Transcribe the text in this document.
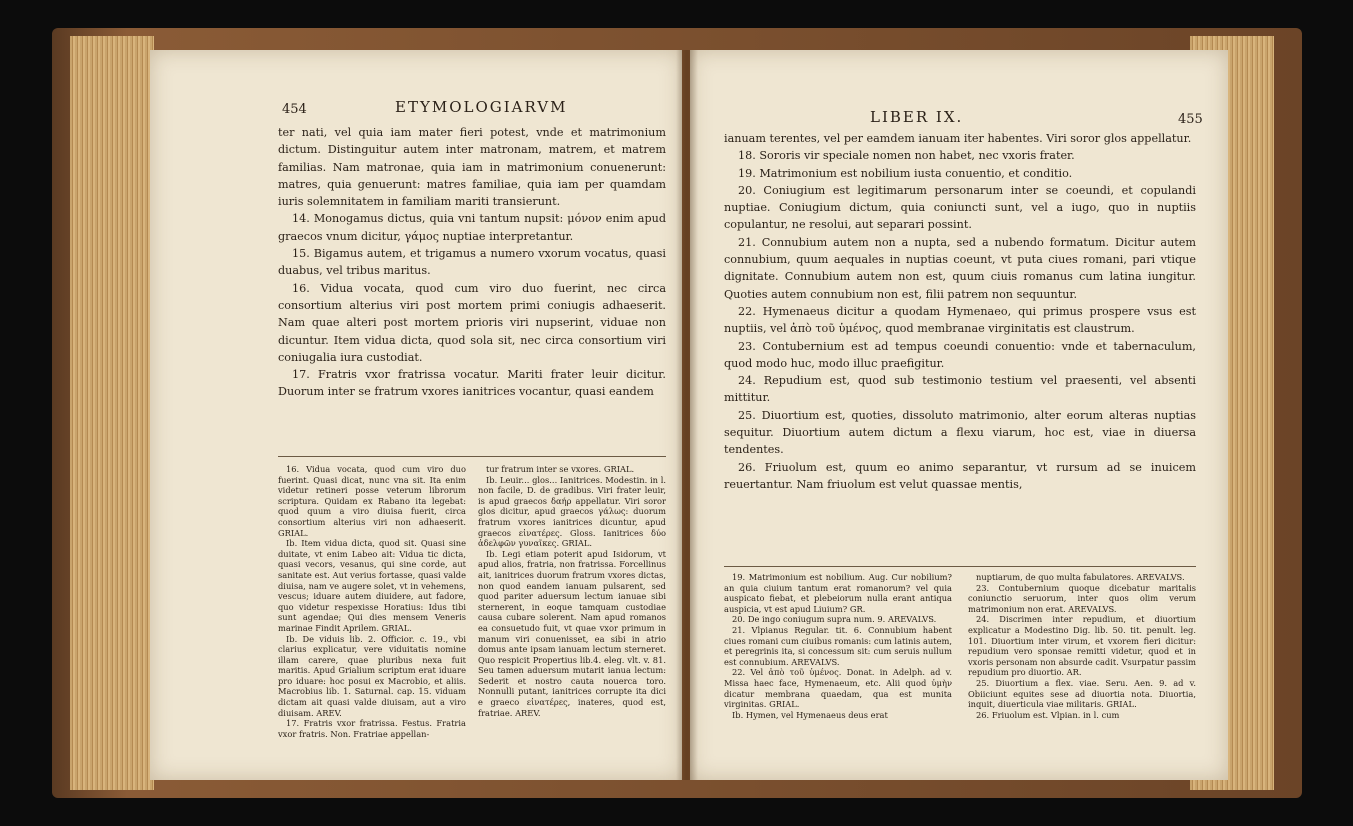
454	ETYMOLOGIARVM

ter nati, vel quia iam mater fieri potest, vnde et matrimonium dictum. Distinguitur autem inter matronam, matrem, et matrem familias. Nam matronae, quia iam in matrimonium conuenerunt: matres, quia genuerunt: matres familiae, quia iam per quamdam iuris solemnitatem in familiam mariti transierunt.

14. Monogamus dictus, quia vni tantum nupsit: μόνον enim apud graecos vnum dicitur, γάμος nuptiae interpretantur.

15. Bigamus autem, et trigamus a numero vxorum vocatus, quasi duabus, vel tribus maritus.

16. Vidua vocata, quod cum viro duo fuerint, nec circa consortium alterius viri post mortem primi coniugis adhaeserit. Nam quae alteri post mortem prioris viri nupserint, viduae non dicuntur. Item vidua dicta, quod sola sit, nec circa consortium viri coniugalia iura custodiat.

17. Fratris vxor fratrissa vocatur. Mariti frater leuir dicitur. Duorum inter se fratrum vxores ianitrices vocantur, quasi eandem

16. Vidua vocata, quod cum viro duo fuerint. Quasi dicat, nunc vna sit. Ita enim videtur retineri posse veterum librorum scriptura. Quidam ex Rabano ita legebat: quod quum a viro diuisa fuerit, circa consortium alterius viri non adhaeserit. GRIAL.

Ib. Item vidua dicta, quod sit. Quasi sine duitate, vt enim Labeo ait: Vidua tic dicta, quasi vecors, vesanus, qui sine corde, aut sanitate est. Aut verius fortasse, quasi valde diuisa, nam ve augere solet, vt in vehemens, vescus; iduare autem diuidere, aut fadore, quo videtur respexisse Horatius: Idus tibi sunt agendae; Qui dies mensem Veneris marinae Findit Aprilem. GRIAL.

Ib. De viduis lib. 2. Officior. c. 19., vbi clarius explicatur, vere viduitatis nomine illam carere, quae pluribus nexa fuit maritis. Apud Grialium scriptum erat iduare pro iduare: hoc posui ex Macrobio, et aliis. Macrobius lib. 1. Saturnal. cap. 15. viduam dictam ait quasi valde diuisam, aut a viro diuisam. AREV.

17. Fratris vxor fratrissa. Festus. Fratria vxor fratris. Non. Fratriae appellan-

tur fratrum inter se vxores. GRIAL.

Ib. Leuir... glos... Ianitrices. Modestin. in l. non facile, D. de gradibus. Viri frater leuir, is apud graecos δαήρ appellatur. Viri soror glos dicitur, apud graecos γάλως: duorum fratrum vxores ianitrices dicuntur, apud graecos εἰνατέρες. Gloss. Ianitrices δύο ἀδελφῶν γυναῖκες. GRIAL.

Ib. Legi etiam poterit apud Isidorum, vt apud alios, fratria, non fratrissa. Forcellinus ait, ianitrices duorum fratrum vxores dictas, non quod eandem ianuam pulsarent, sed quod pariter aduersum lectum ianuae sibi sternerent, in eoque tamquam custodiae causa cubare solerent. Nam apud romanos ea consuetudo fuit, vt quae vxor primum in manum viri conuenisset, ea sibi in atrio domus ante ipsam ianuam lectum sterneret. Quo respicit Propertius lib.4. eleg. vlt. v. 81. Seu tamen aduersum mutarit ianua lectum: Sederit et nostro cauta nouerca toro. Nonnulli putant, ianitrices corrupte ita dici e graeco εἰνατέρες, inateres, quod est, fratriae. AREV.

LIBER IX.	455

ianuam terentes, vel per eamdem ianuam iter habentes. Viri soror glos appellatur.

18. Sororis vir speciale nomen non habet, nec vxoris frater.

19. Matrimonium est nobilium iusta conuentio, et conditio.

20. Coniugium est legitimarum personarum inter se coeundi, et copulandi nuptiae. Coniugium dictum, quia coniuncti sunt, vel a iugo, quo in nuptiis copulantur, ne resolui, aut separari possint.

21. Connubium autem non a nupta, sed a nubendo formatum. Dicitur autem connubium, quum aequales in nuptias coeunt, vt puta ciues romani, pari vtique dignitate. Connubium autem non est, quum ciuis romanus cum latina iungitur. Quoties autem connubium non est, filii patrem non sequuntur.

22. Hymenaeus dicitur a quodam Hymenaeo, qui primus prospere vsus est nuptiis, vel ἀπὸ τοῦ ὑμένος, quod membranae virginitatis est claustrum.

23. Contubernium est ad tempus coeundi conuentio: vnde et tabernaculum, quod modo huc, modo illuc praefigitur.

24. Repudium est, quod sub testimonio testium vel praesenti, vel absenti mittitur.

25. Diuortium est, quoties, dissoluto matrimonio, alter eorum alteras nuptias sequitur. Diuortium autem dictum a flexu viarum, hoc est, viae in diuersa tendentes.

26. Friuolum est, quum eo animo separantur, vt rursum ad se inuicem reuertantur. Nam friuolum est velut quassae mentis,

19. Matrimonium est nobilium. Aug. Cur nobilium? an quia ciuium tantum erat romanorum? vel quia auspicato fiebat, et plebeiorum nulla erant antiqua auspicia, vt est apud Liuium? GR.

20. De ingo coniugum supra num. 9. AREVALVS.

21. Vlpianus Regular. tit. 6. Connubium habent ciues romani cum ciuibus romanis: cum latinis autem, et peregrinis ita, si concessum sit: cum seruis nullum est connubium. AREVALVS.

22. Vel ἀπὸ τοῦ ὑμένος. Donat. in Adelph. ad v. Missa haec face, Hymenaeum, etc. Alii quod ὑμὴν dicatur membrana quaedam, qua est munita virginitas. GRIAL.

Ib. Hymen, vel Hymenaeus deus erat

nuptiarum, de quo multa fabulatores. AREVALVS.

23. Contubernium quoque dicebatur maritalis coniunctio seruorum, inter quos olim verum matrimonium non erat. AREVALVS.

24. Discrimen inter repudium, et diuortium explicatur a Modestino Dig. lib. 50. tit. penult. leg. 101. Diuortium inter virum, et vxorem fieri dicitur: repudium vero sponsae remitti videtur, quod et in vxoris personam non absurde cadit. Vsurpatur passim repudium pro diuortio. AR.

25. Diuortium a flex. viae. Seru. Aen. 9. ad v. Obiiciunt equites sese ad diuortia nota. Diuortia, inquit, diuerticula viae militaris. GRIAL.

26. Friuolum est. Vlpian. in l. cum
